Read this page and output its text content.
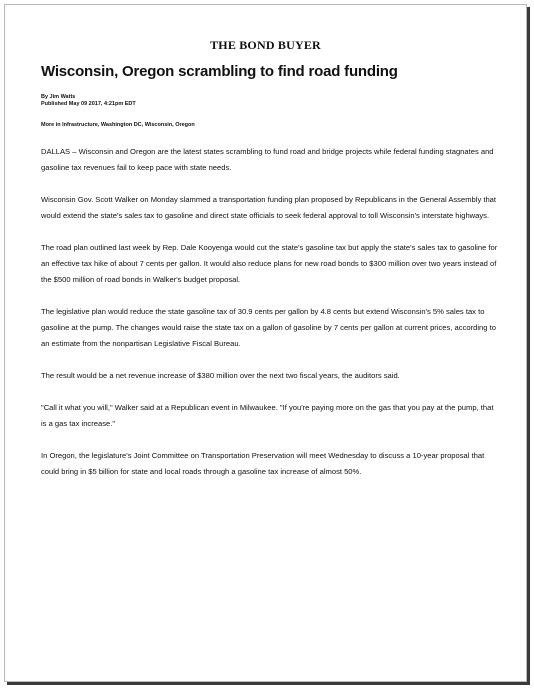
THE BOND BUYER
Wisconsin, Oregon scrambling to find road funding
By Jim Watts
Published May 09 2017, 4:21pm EDT
More in Infrastructure, Washington DC, Wisconsin, Oregon

DALLAS – Wisconsin and Oregon are the latest states scrambling to fund road and bridge projects while federal funding stagnates and gasoline tax revenues fail to keep pace with state needs.

Wisconsin Gov. Scott Walker on Monday slammed a transportation funding plan proposed by Republicans in the General Assembly that would extend the state's sales tax to gasoline and direct state officials to seek federal approval to toll Wisconsin's interstate highways.

The road plan outlined last week by Rep. Dale Kooyenga would cut the state's gasoline tax but apply the state's sales tax to gasoline for an effective tax hike of about 7 cents per gallon. It would also reduce plans for new road bonds to $300 million over two years instead of the $500 million of road bonds in Walker's budget proposal.

The legislative plan would reduce the state gasoline tax of 30.9 cents per gallon by 4.8 cents but extend Wisconsin's 5% sales tax to gasoline at the pump. The changes would raise the state tax on a gallon of gasoline by 7 cents per gallon at current prices, according to an estimate from the nonpartisan Legislative Fiscal Bureau.

The result would be a net revenue increase of $380 million over the next two fiscal years, the auditors said.

"Call it what you will," Walker said at a Republican event in Milwaukee. "If you're paying more on the gas that you pay at the pump, that is a gas tax increase."

In Oregon, the legislature's Joint Committee on Transportation Preservation will meet Wednesday to discuss a 10-year proposal that could bring in $5 billion for state and local roads through a gasoline tax increase of almost 50%.
